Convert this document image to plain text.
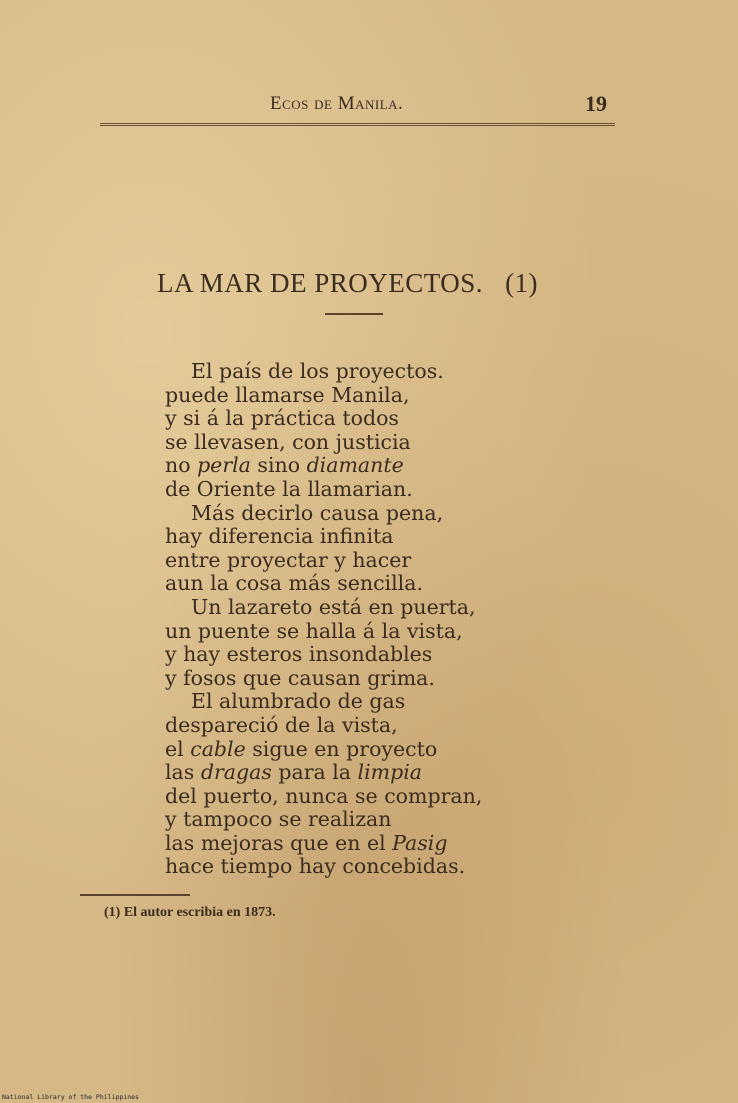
Ecos de Manila.	19
LA MAR DE PROYECTOS. (1)
El país de los proyectos.
puede llamarse Manila,
y si á la práctica todos
se llevasen, con justicia
no perla sino diamante
de Oriente la llamarian.
Más decirlo causa pena,
hay diferencia infinita
entre proyectar y hacer
aun la cosa más sencilla.
Un lazareto está en puerta,
un puente se halla á la vista,
y hay esteros insondables
y fosos que causan grima.
El alumbrado de gas
despareció de la vista,
el cable sigue en proyecto
las dragas para la limpia
del puerto, nunca se compran,
y tampoco se realizan
las mejoras que en el Pasig
hace tiempo hay concebidas.
(1) El autor escribia en 1873.
National Library of the Philippines
